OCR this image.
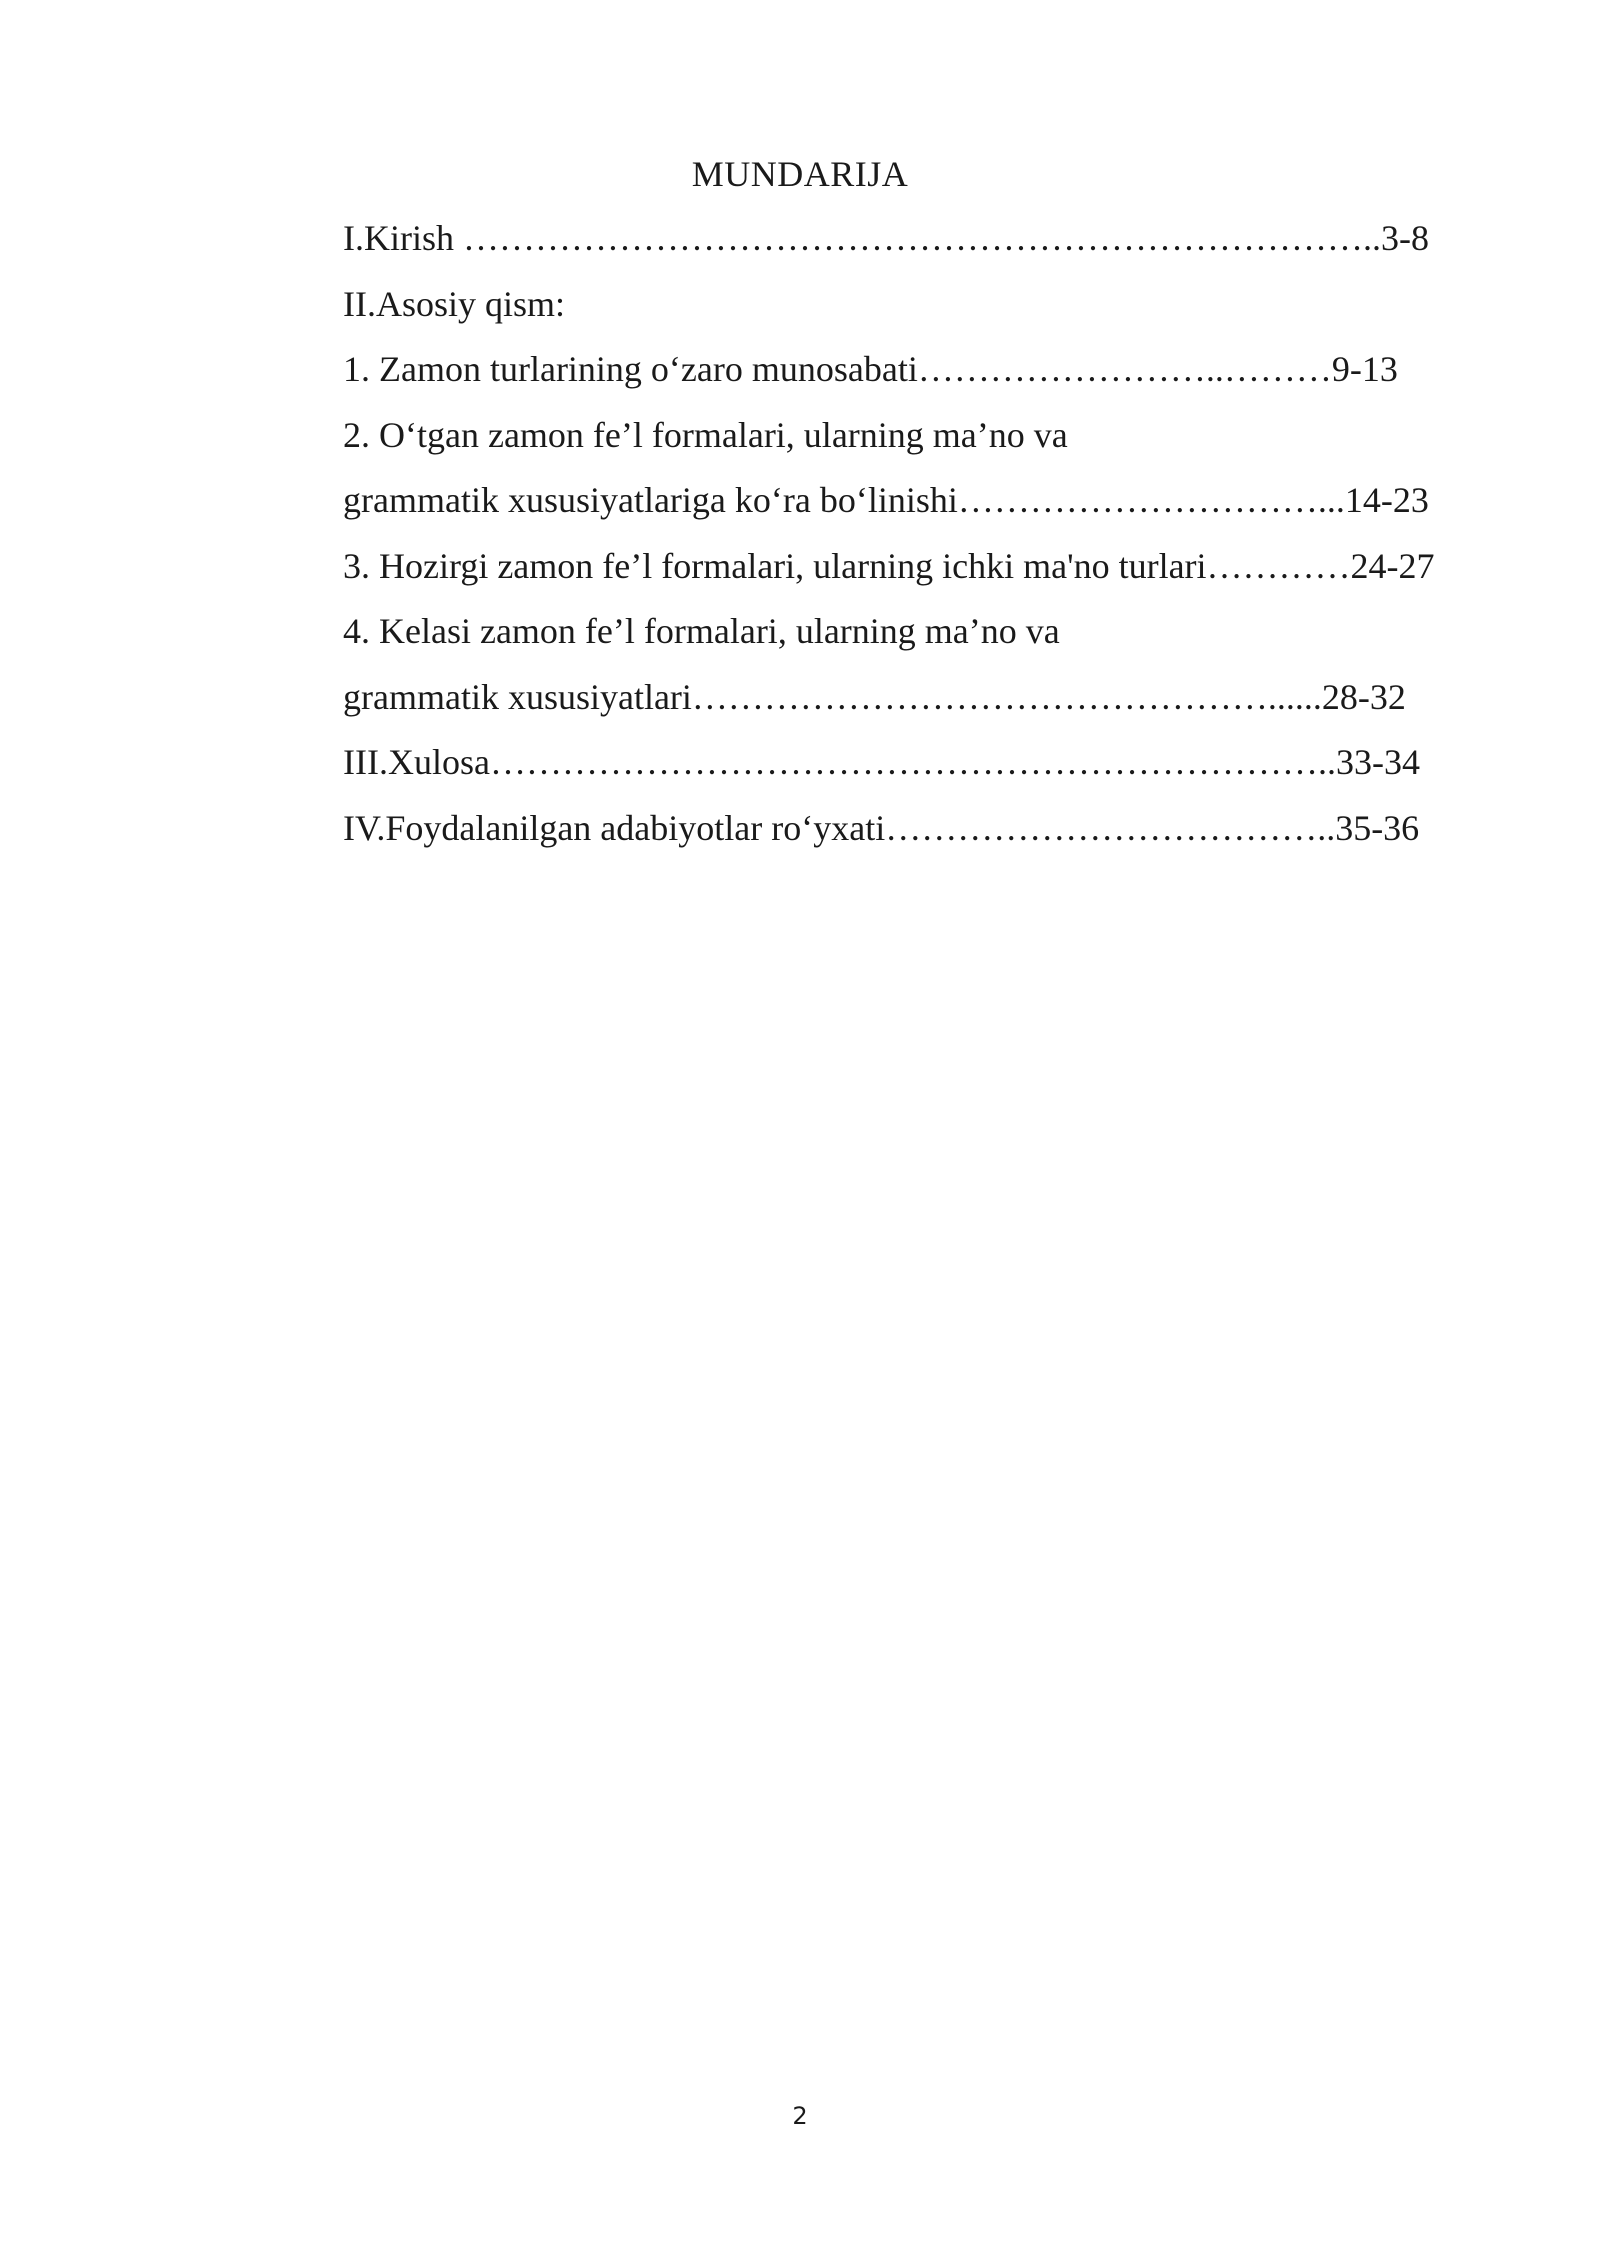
MUNDARIJA
I.Kirish …………………………………………………………………..3-8
II.Asosiy qism:
1. Zamon turlarining o‘zaro munosabati……………………..………9-13
2. O‘tgan zamon fe’l formalari, ularning ma’no va
grammatik xususiyatlariga ko‘ra bo‘linishi…………………………...14-23
3. Hozirgi zamon fe’l formalari, ularning ichki ma'no turlari…………24-27
4. Kelasi zamon fe’l formalari, ularning ma’no va
grammatik xususiyatlari…………………………………………......28-32
III.Xulosa……………………………………………………………..33-34
IV.Foydalanilgan adabiyotlar ro‘yxati………………………………..35-36
2
